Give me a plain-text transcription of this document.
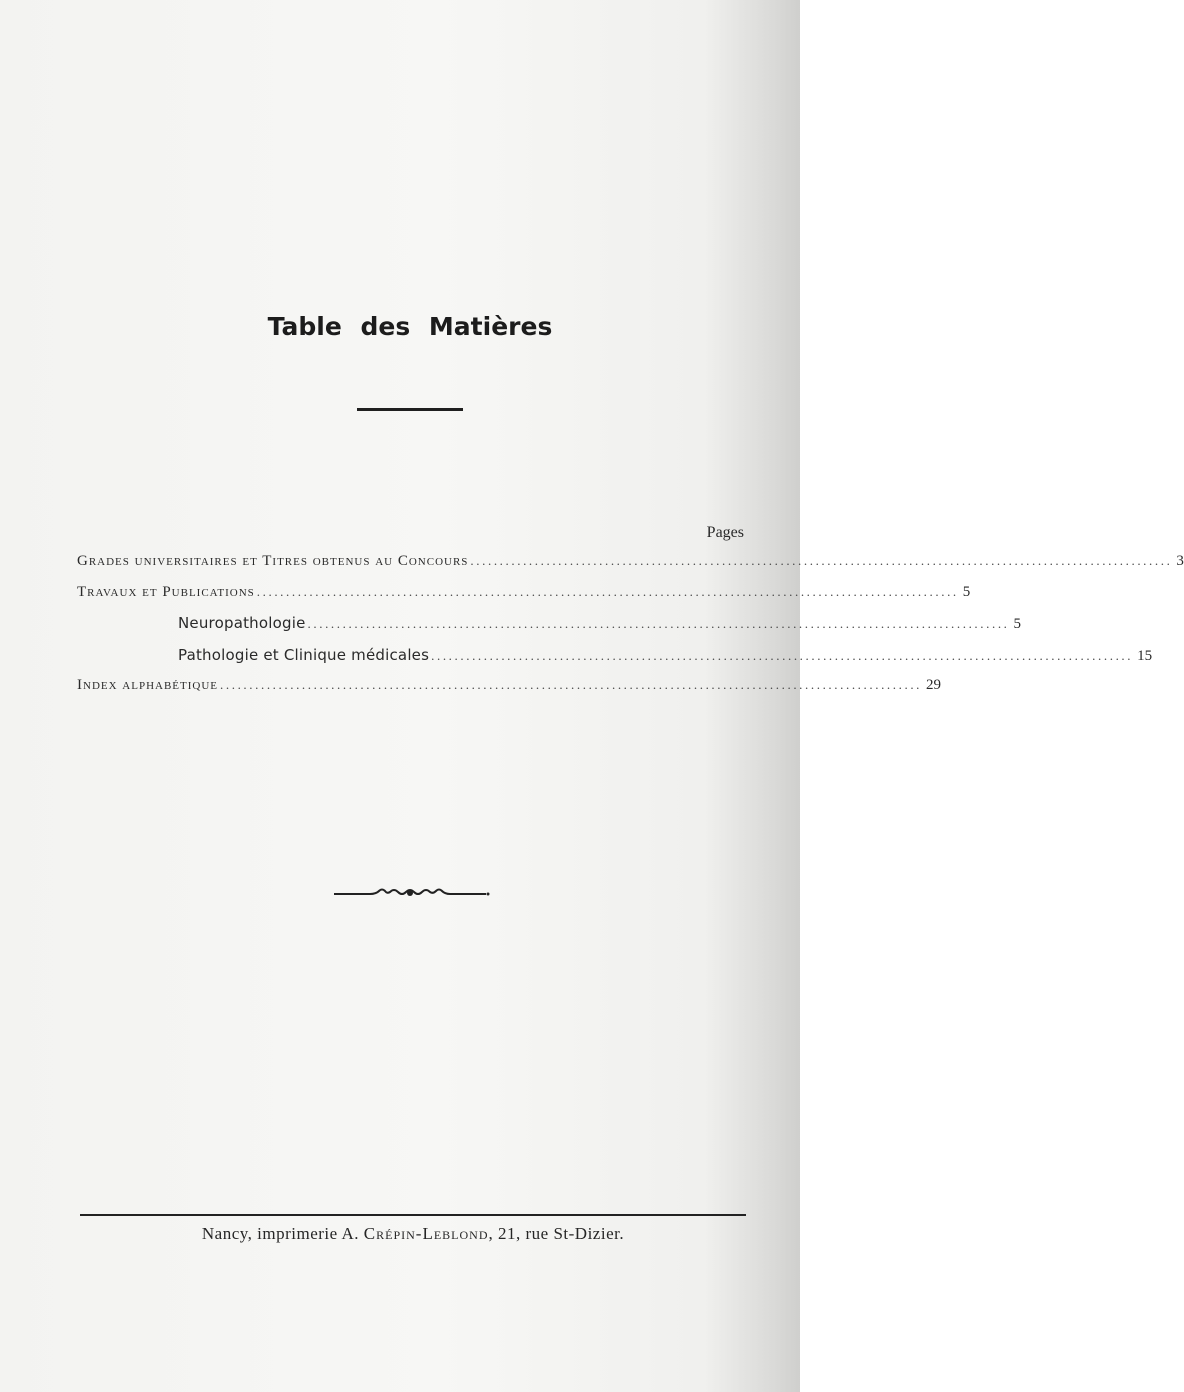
Table des Matières
Pages
Grades universitaires et Titres obtenus au Concours ........................................................................................................................ 3
Travaux et Publications ........................................................................................................................ 5
Neuropathologie ........................................................................................................................ 5
Pathologie et Clinique médicales ........................................................................................................................ 15
Index alphabétique ........................................................................................................................ 29
Nancy, imprimerie A. Crépin-Leblond, 21, rue St-Dizier.
